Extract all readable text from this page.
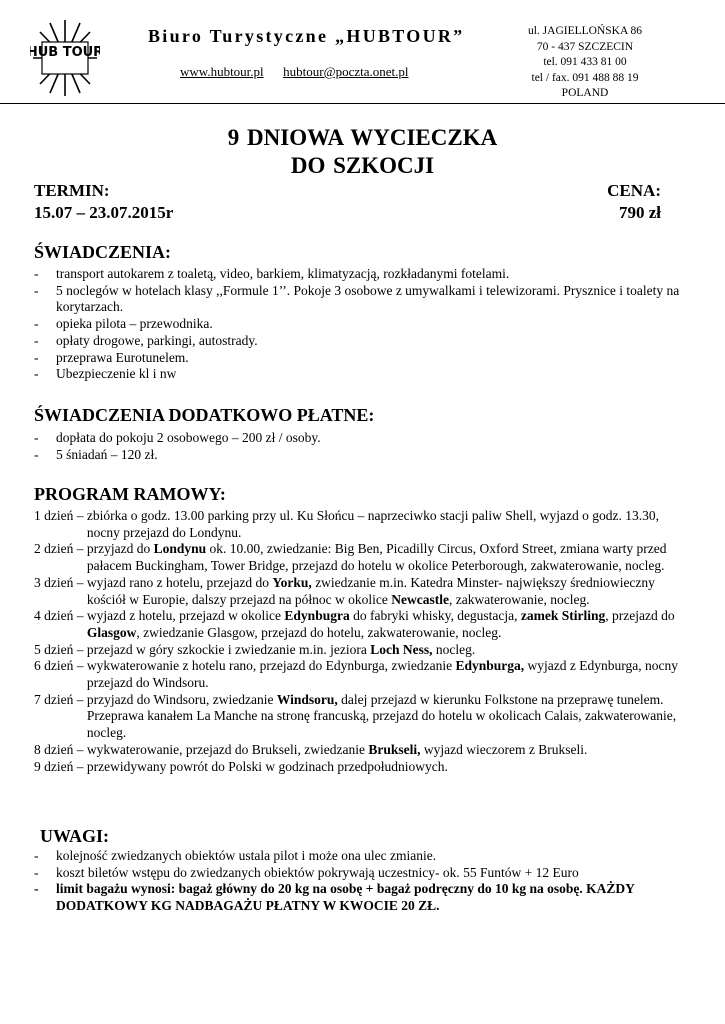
HUB TOUR
Biuro Turystyczne „HUBTOUR”
www.hubtour.pl hubtour@poczta.onet.pl
ul. JAGIELLOŃSKA 86
70 - 437 SZCZECIN
tel. 091 433 81 00
tel / fax. 091 488 88 19
POLAND
9 DNIOWA WYCIECZKA
DO SZKOCJI
TERMIN:
15.07 – 23.07.2015r
CENA:
790 zł
ŚWIADCZENIA:
- transport autokarem z toaletą, video, barkiem, klimatyzacją, rozkładanymi fotelami.
- 5 noclegów w hotelach klasy ,,Formule 1’’. Pokoje 3 osobowe z umywalkami i telewizorami. Prysznice i toalety na korytarzach.
- opieka pilota – przewodnika.
- opłaty drogowe, parkingi, autostrady.
- przeprawa Eurotunelem.
- Ubezpieczenie kl i nw
ŚWIADCZENIA DODATKOWO PŁATNE:
- dopłata do pokoju 2 osobowego – 200 zł / osoby.
- 5 śniadań – 120 zł.
PROGRAM RAMOWY:
1 dzień – zbiórka o godz. 13.00 parking przy ul. Ku Słońcu – naprzeciwko stacji paliw Shell, wyjazd o godz. 13.30, nocny przejazd do Londynu.
2 dzień – przyjazd do Londynu ok. 10.00, zwiedzanie: Big Ben, Picadilly Circus, Oxford Street, zmiana warty przed pałacem Buckingham, Tower Bridge, przejazd do hotelu w okolice Peterborough, zakwaterowanie, nocleg.
3 dzień – wyjazd rano z hotelu, przejazd do Yorku, zwiedzanie m.in. Katedra Minster- największy średniowieczny kościół w Europie, dalszy przejazd na północ w okolice Newcastle, zakwaterowanie, nocleg.
4 dzień – wyjazd z hotelu, przejazd w okolice Edynbugra do fabryki whisky, degustacja, zamek Stirling, przejazd do Glasgow, zwiedzanie Glasgow, przejazd do hotelu, zakwaterowanie, nocleg.
5 dzień – przejazd w góry szkockie i zwiedzanie m.in. jeziora Loch Ness, nocleg.
6 dzień – wykwaterowanie z hotelu rano, przejazd do Edynburga, zwiedzanie Edynburga, wyjazd z Edynburga, nocny przejazd do Windsoru.
7 dzień – przyjazd do Windsoru, zwiedzanie Windsoru, dalej przejazd w kierunku Folkstone na przeprawę tunelem. Przeprawa kanałem La Manche na stronę francuską, przejazd do hotelu w okolicach Calais, zakwaterowanie, nocleg.
8 dzień – wykwaterowanie, przejazd do Brukseli, zwiedzanie Brukseli, wyjazd wieczorem z Brukseli.
9 dzień – przewidywany powrót do Polski w godzinach przedpołudniowych.
UWAGI:
- kolejność zwiedzanych obiektów ustala pilot i może ona ulec zmianie.
- koszt biletów wstępu do zwiedzanych obiektów pokrywają uczestnicy- ok. 55 Funtów + 12 Euro
- limit bagażu wynosi: bagaż główny do 20 kg na osobę + bagaż podręczny do 10 kg na osobę. KAŻDY DODATKOWY KG NADBAGAŻU PŁATNY W KWOCIE 20 ZŁ.
